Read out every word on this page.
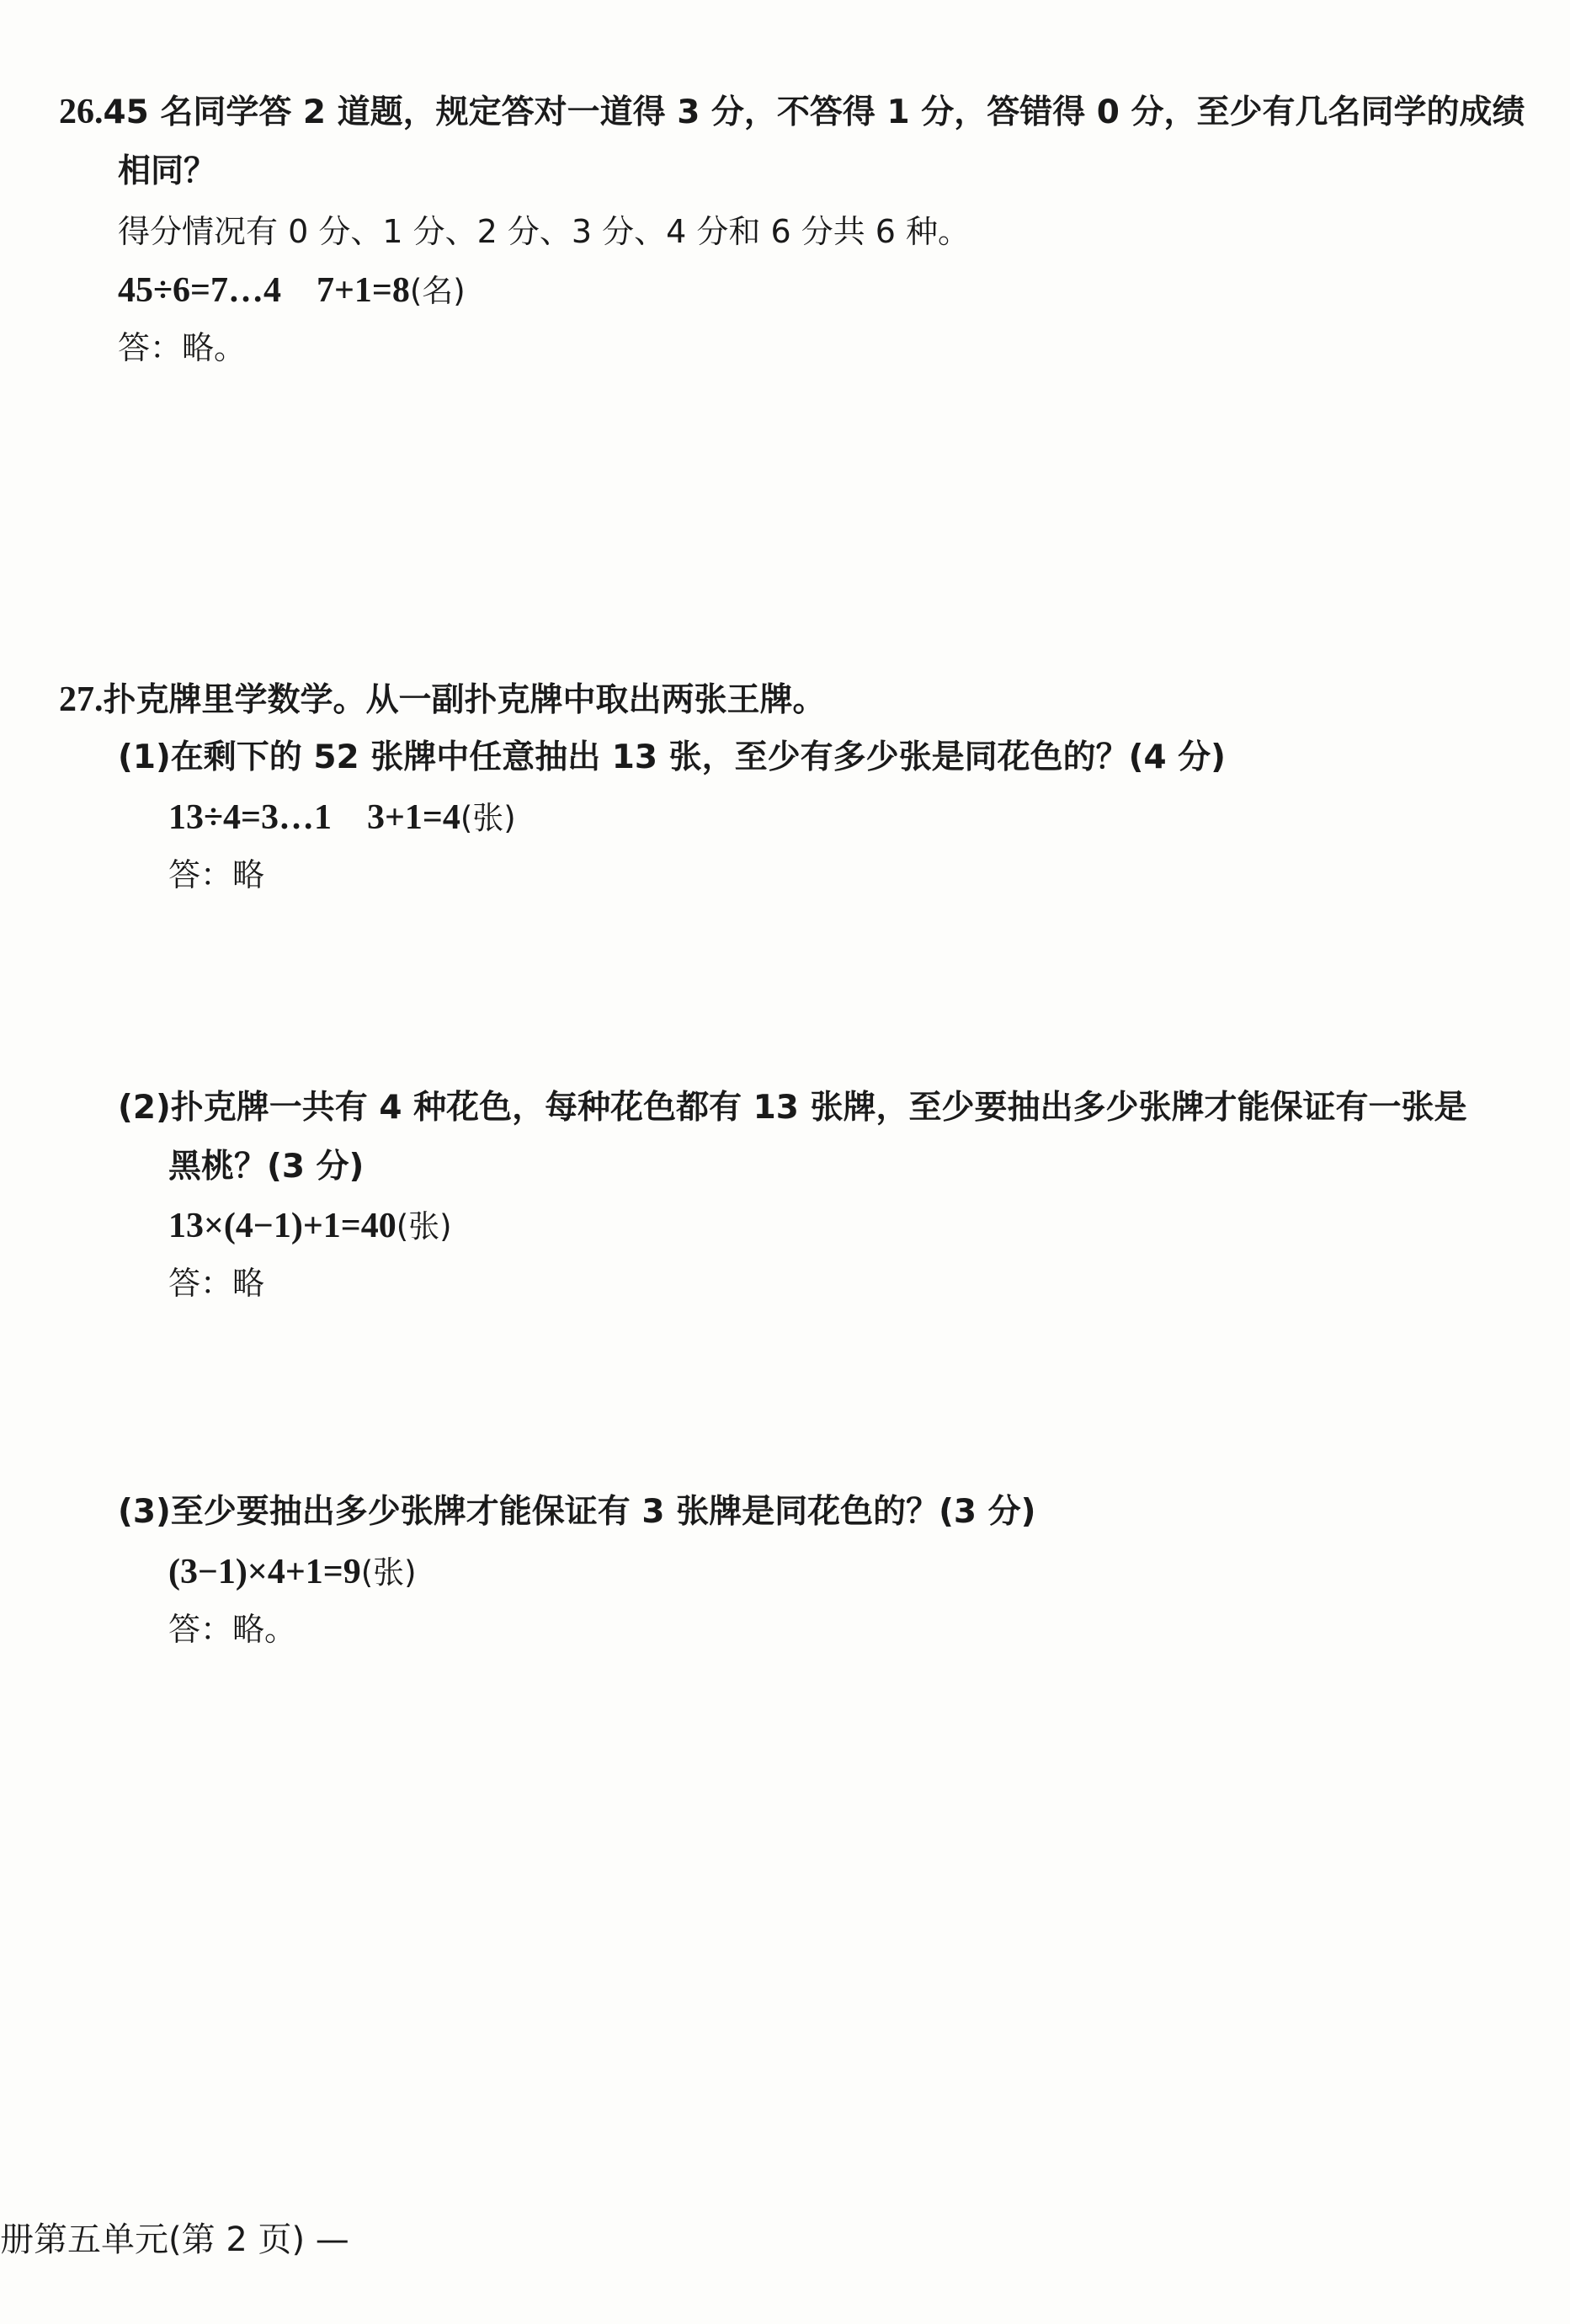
26.45 名同学答 2 道题，规定答对一道得 3 分，不答得 1 分，答错得 0 分，至少有几名同学的成绩
相同？
得分情况有 0 分、1 分、2 分、3 分、4 分和 6 分共 6 种。
45÷6=7…4　7+1=8(名)
答：略。
27.扑克牌里学数学。从一副扑克牌中取出两张王牌。
(1)在剩下的 52 张牌中任意抽出 13 张，至少有多少张是同花色的？(4 分)
13÷4=3…1　3+1=4(张)
答：略
(2)扑克牌一共有 4 种花色，每种花色都有 13 张牌，至少要抽出多少张牌才能保证有一张是
黑桃？(3 分)
13×(4−1)+1=40(张)
答：略
(3)至少要抽出多少张牌才能保证有 3 张牌是同花色的？(3 分)
(3−1)×4+1=9(张)
答：略。
册第五单元(第 2 页) —
